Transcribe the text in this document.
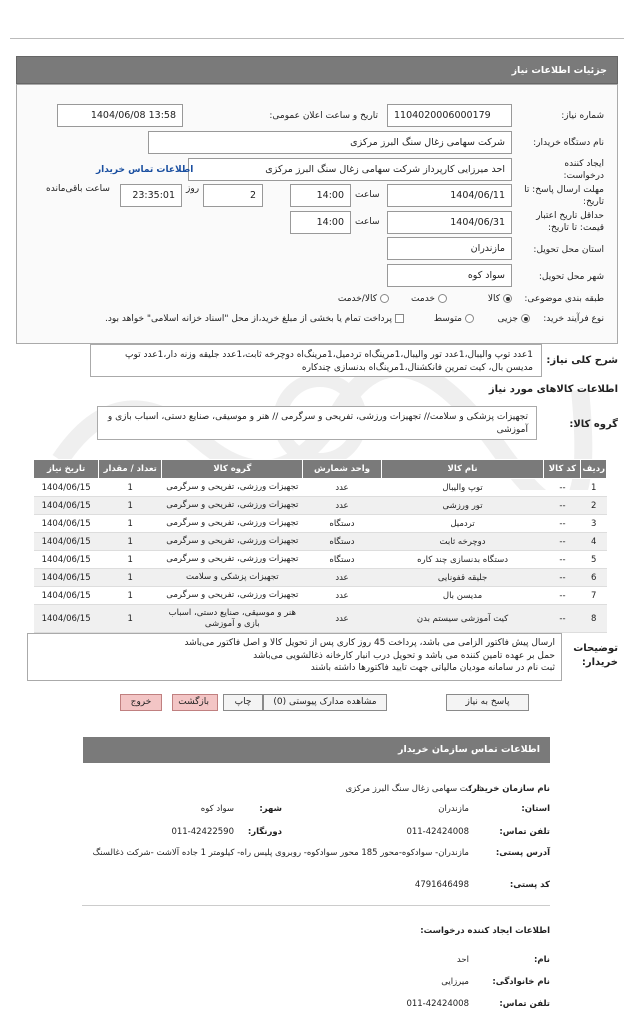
جزئیات اطلاعات نیاز
شماره نیاز:
1104020006000179
تاریخ و ساعت اعلان عمومی:
1404/06/08 13:58
نام دستگاه خریدار:
شرکت سهامی زغال سنگ البرز مرکزی
ایجاد کننده درخواست:
احد میرزایی کارپرداز شرکت سهامی زغال سنگ البرز مرکزی
اطلاعات تماس خریدار
مهلت ارسال پاسخ: تا تاریخ:
1404/06/11
ساعت
14:00
2
روز
23:35:01
ساعت باقی‌مانده
حداقل تاریخ اعتبار قیمت: تا تاریخ:
1404/06/31
ساعت
14:00
استان محل تحویل:
مازندران
شهر محل تحویل:
سواد کوه
طبقه بندی موضوعی:
کالا
خدمت
کالا/خدمت
نوع فرآیند خرید:
جزیی
متوسط
پرداخت تمام یا بخشی از مبلغ خرید،از محل "اسناد خزانه اسلامی" خواهد بود.
شرح کلی نیاز:
1عدد توپ والیبال،1عدد تور والیبال،1مرینگ‌اه تردمیل،1مرینگ‌اه دوچرخه ثابت،1عدد جلیقه وزنه دار،1عدد توپ مدیسن بال، کیت تمرین فانکشنال،1مرینگ‌اه بدنسازی چندکاره
اطلاعات کالاهای مورد نیاز
گروه کالا:
تجهیزات پزشکی و سلامت// تجهیزات ورزشی، تفریحی و سرگرمی // هنر و موسیقی، صنایع دستی، اسباب بازی و آموزشی
ردیف	کد کالا	نام کالا	واحد شمارش	گروه کالا	تعداد / مقدار	تاریخ نیاز
1	--	توپ والیبال	عدد	تجهیزات ورزشی، تفریحی و سرگرمی	1	1404/06/15
2	--	تور ورزشی	عدد	تجهیزات ورزشی، تفریحی و سرگرمی	1	1404/06/15
3	--	تردمیل	دستگاه	تجهیزات ورزشی، تفریحی و سرگرمی	1	1404/06/15
4	--	دوچرخه ثابت	دستگاه	تجهیزات ورزشی، تفریحی و سرگرمی	1	1404/06/15
5	--	دستگاه بدنسازی چند کاره	دستگاه	تجهیزات ورزشی، تفریحی و سرگرمی	1	1404/06/15
6	--	جلیقه قفونایی	عدد	تجهیزات پزشکی و سلامت	1	1404/06/15
7	--	مدیسن بال	عدد	تجهیزات ورزشی، تفریحی و سرگرمی	1	1404/06/15
8	--	کیت آموزشی سیستم بدن	عدد	هنر و موسیقی، صنایع دستی، اسباب بازی و آموزشی	1	1404/06/15
توضیحات خریدار:
ارسال پیش فاکتور الزامی می باشد، پرداخت 45 روز کاری پس از تحویل کالا و اصل فاکتور می‌باشد
حمل بر عهده تامین کننده می باشد و تحویل درب انبار کارخانه ذغالشویی می‌باشد
ثبت نام در سامانه مودیان مالیاتی جهت تایید فاکتورها داشته باشند
پاسخ به نیاز
مشاهده مدارک پیوستی (0)
چاپ
بازگشت
خروج
اطلاعات تماس سازمان خریدار
نام سازمان خریدار:
شرکت سهامی زغال سنگ البرز مرکزی
استان:
مازندران
شهر:
سواد کوه
تلفن تماس:
011-42424008
دورنگار:
011-42422590
آدرس پستی:
مازندران- سوادکوه-محور 185 محور سوادکوه- روبروی پلیس راه- کیلومتر 1 جاده آلاشت -شرکت ذغالسنگ
کد پستی:
4791646498
اطلاعات ایجاد کننده درخواست:
نام:
احد
نام خانوادگی:
میرزایی
تلفن تماس:
011-42424008
